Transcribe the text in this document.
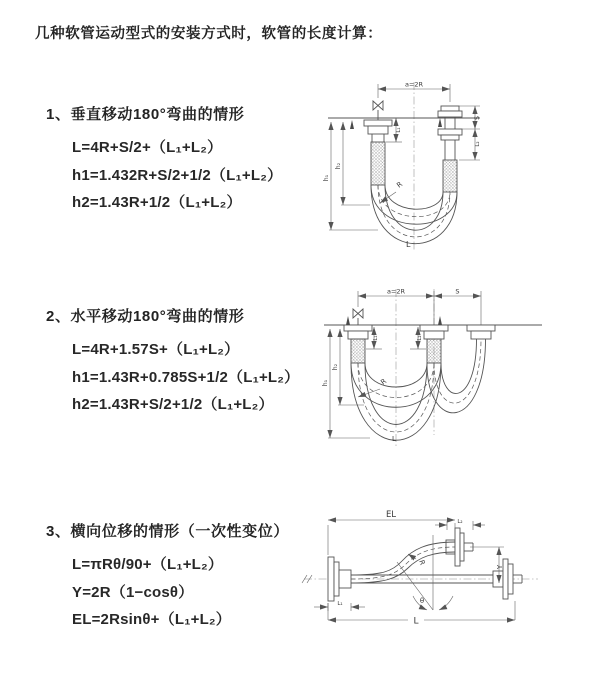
几种软管运动型式的安装方式时，软管的长度计算：
1、垂直移动180°弯曲的情形

L=4R+S/2+（L₁+L₂）

h1=1.432R+S/2+1/2（L₁+L₂）

h2=1.43R+1/2（L₁+L₂）

a=2R
R
L
h₂
h₁
S
L₂
L₁
2、水平移动180°弯曲的情形

L=4R+1.57S+（L₁+L₂）

h1=1.43R+0.785S+1/2（L₁+L₂）

h2=1.43R+S/2+1/2（L₁+L₂）

a=2R	S
h₁
h₂
L₁	L₂
R
L
3、横向位移的情形（一次性变位）

L=πRθ/90+（L₁+L₂）

Y=2R（1−cosθ）

EL=2Rsinθ+（L₁+L₂）

EL
L₂
Y
θ
R
L₁
L
